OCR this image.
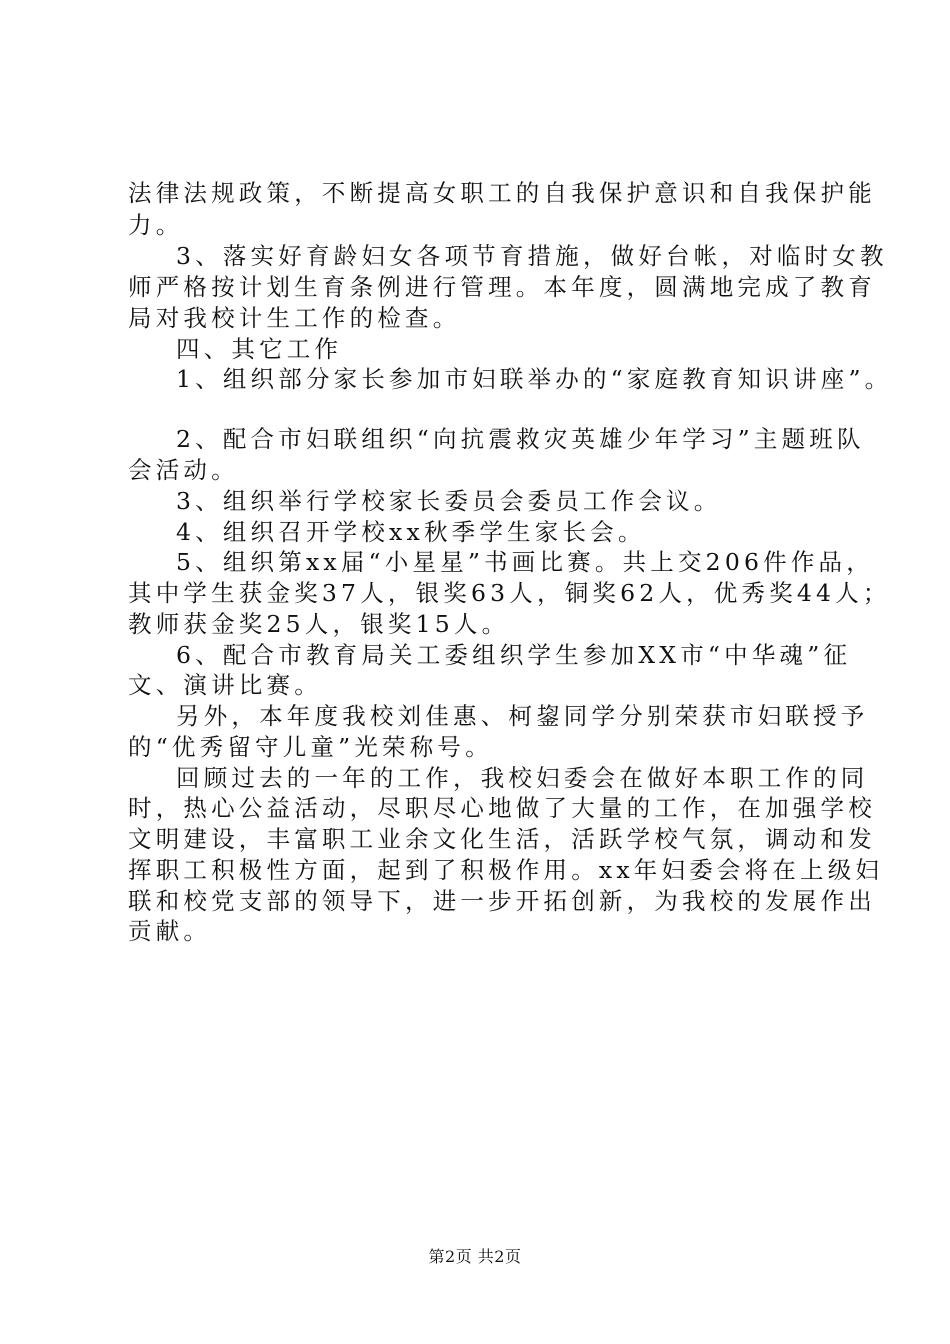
法律法规政策，不断提高女职工的自我保护意识和自我保护能

力。

3、落实好育龄妇女各项节育措施，做好台帐，对临时女教

师严格按计划生育条例进行管理。本年度，圆满地完成了教育

局对我校计生工作的检查。

四、其它工作

1、组织部分家长参加市妇联举办的“家庭教育知识讲座”。

2、配合市妇联组织“向抗震救灾英雄少年学习”主题班队

会活动。

3、组织举行学校家长委员会委员工作会议。

4、组织召开学校xx秋季学生家长会。

5、组织第xx届“小星星”书画比赛。共上交206件作品，

其中学生获金奖37人，银奖63人，铜奖62人，优秀奖44人；

教师获金奖25人，银奖15人。

6、配合市教育局关工委组织学生参加XX市“中华魂”征

文、演讲比赛。

另外，本年度我校刘佳惠、柯鋆同学分别荣获市妇联授予

的“优秀留守儿童”光荣称号。

回顾过去的一年的工作，我校妇委会在做好本职工作的同

时，热心公益活动，尽职尽心地做了大量的工作，在加强学校

文明建设，丰富职工业余文化生活，活跃学校气氛，调动和发

挥职工积极性方面，起到了积极作用。xx年妇委会将在上级妇

联和校党支部的领导下，进一步开拓创新，为我校的发展作出

贡献。

第2页 共2页
